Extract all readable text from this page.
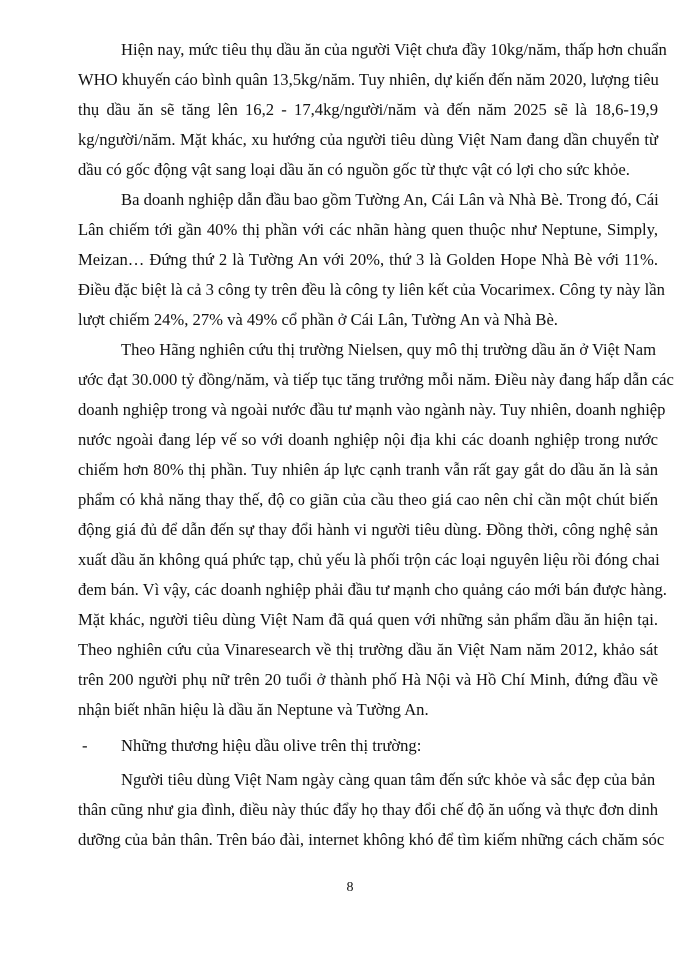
Hiện nay, mức tiêu thụ dầu ăn của người Việt chưa đầy 10kg/năm, thấp hơn chuẩn
WHO khuyến cáo bình quân 13,5kg/năm. Tuy nhiên, dự kiến đến năm 2020, lượng tiêu
thụ dầu ăn sẽ tăng lên 16,2 - 17,4kg/người/năm và đến năm 2025 sẽ là 18,6-19,9
kg/người/năm. Mặt khác, xu hướng của người tiêu dùng Việt Nam đang dần chuyển từ
dầu có gốc động vật sang loại dầu ăn có nguồn gốc từ thực vật có lợi cho sức khỏe.
Ba doanh nghiệp dẫn đầu bao gồm Tường An, Cái Lân và Nhà Bè. Trong đó, Cái
Lân chiếm tới gần 40% thị phần với các nhãn hàng quen thuộc như Neptune, Simply,
Meizan… Đứng thứ 2 là Tường An với 20%, thứ 3 là Golden Hope Nhà Bè với 11%.
Điều đặc biệt là cả 3 công ty trên đều là công ty liên kết của Vocarimex. Công ty này lần
lượt chiếm 24%, 27% và 49% cổ phần ở Cái Lân, Tường An và Nhà Bè.
Theo Hãng nghiên cứu thị trường Nielsen, quy mô thị trường dầu ăn ở Việt Nam
ước đạt 30.000 tỷ đồng/năm, và tiếp tục tăng trưởng mỗi năm. Điều này đang hấp dẫn các
doanh nghiệp trong và ngoài nước đầu tư mạnh vào ngành này. Tuy nhiên, doanh nghiệp
nước ngoài đang lép vế so với doanh nghiệp nội địa khi các doanh nghiệp trong nước
chiếm hơn 80% thị phần. Tuy nhiên áp lực cạnh tranh vẫn rất gay gắt do dầu ăn là sản
phẩm có khả năng thay thế, độ co giãn của cầu theo giá cao nên chỉ cần một chút biến
động giá đủ để dẫn đến sự thay đổi hành vi người tiêu dùng. Đồng thời, công nghệ sản
xuất dầu ăn không quá phức tạp, chủ yếu là phối trộn các loại nguyên liệu rồi đóng chai
đem bán. Vì vậy, các doanh nghiệp phải đầu tư mạnh cho quảng cáo mới bán được hàng.
Mặt khác, người tiêu dùng Việt Nam đã quá quen với những sản phẩm dầu ăn hiện tại.
Theo nghiên cứu của Vinaresearch về thị trường dầu ăn Việt Nam năm 2012, khảo sát
trên 200 người phụ nữ trên 20 tuổi ở thành phố Hà Nội và Hồ Chí Minh, đứng đầu về
nhận biết nhãn hiệu là dầu ăn Neptune và Tường An.
- Những thương hiệu dầu olive trên thị trường:
Người tiêu dùng Việt Nam ngày càng quan tâm đến sức khỏe và sắc đẹp của bản
thân cũng như gia đình, điều này thúc đẩy họ thay đổi chế độ ăn uống và thực đơn dinh
dưỡng của bản thân. Trên báo đài, internet không khó để tìm kiếm những cách chăm sóc
8
